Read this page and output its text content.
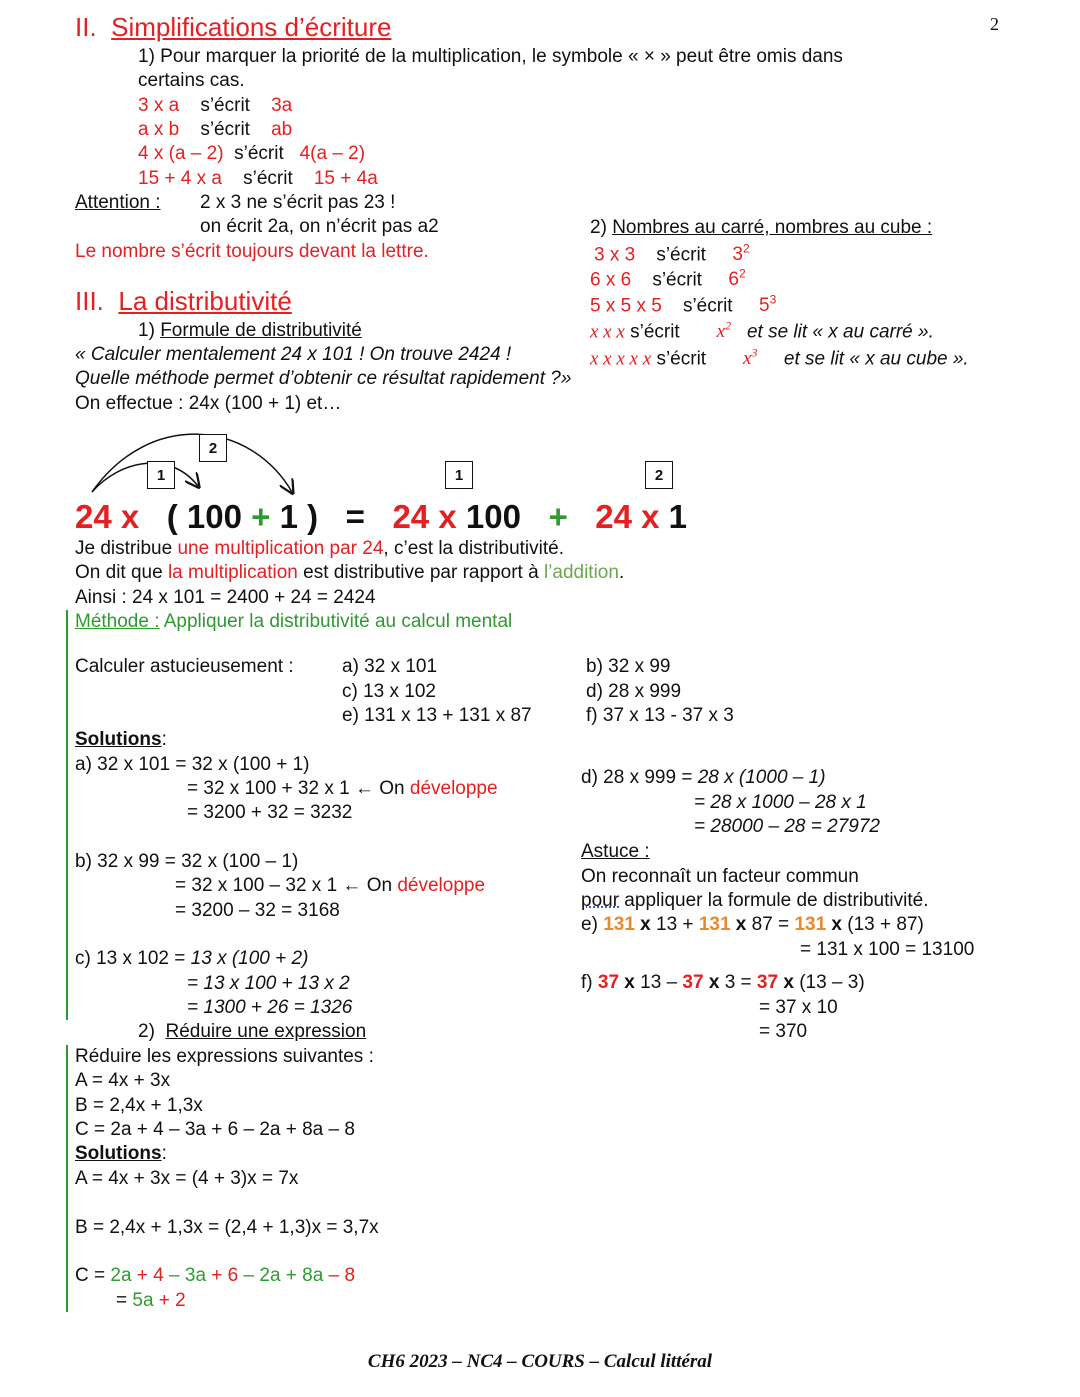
2
II. Simplifications d’écriture
1) Pour marquer la priorité de la multiplication, le symbole « × » peut être omis dans
certains cas.
3 x a s’écrit 3a
a x b s’écrit ab
4 x (a – 2) s’écrit 4(a – 2)
15 + 4 x a s’écrit 15 + 4a
Attention : 2 x 3 ne s’écrit pas 23 !
on écrit 2a, on n’écrit pas a2
Le nombre s’écrit toujours devant la lettre.
2) Nombres au carré, nombres au cube :
3 x 3 s’écrit $3^2$
6 x 6 s’écrit $6^2$
5 x 5 x 5 s’écrit $5^3$
x x x s’écrit $x^2$ et se lit « x au carré ».
x x x x x s’écrit $x^3$ et se lit « x au cube ».
III. La distributivité
1) Formule de distributivité
« Calculer mentalement 24 x 101 ! On trouve 2424 !
Quelle méthode permet d’obtenir ce résultat rapidement ?»
On effectue : 24x (100 + 1) et…
1
2
1	2
24 x ( 100 + 1 ) = 24 x 100 + 24 x 1
Je distribue une multiplication par 24, c’est la distributivité.
On dit que la multiplication est distributive par rapport à l’addition.
Ainsi : 24 x 101 = 2400 + 24 = 2424
Méthode : Appliquer la distributivité au calcul mental
Calculer astucieusement :	a) 32 x 101	b) 32 x 99
c) 13 x 102	d) 28 x 999
e) 131 x 13 + 131 x 87	f) 37 x 13 - 37 x 3
Solutions:
a) 32 x 101 = 32 x (100 + 1)
= 32 x 100 + 32 x 1 ← On développe
= 3200 + 32 = 3232
b) 32 x 99 = 32 x (100 – 1)
= 32 x 100 – 32 x 1 ← On développe
= 3200 – 32 = 3168
c) 13 x 102 = 13 x (100 + 2)
= 13 x 100 + 13 x 2
= 1300 + 26 = 1326
d) 28 x 999 = 28 x (1000 – 1)
= 28 x 1000 – 28 x 1
= 28000 – 28 = 27972
Astuce :
On reconnaît un facteur commun
pour appliquer la formule de distributivité.
e) 131 x 13 + 131 x 87 = 131 x (13 + 87)
= 131 x 100 = 13100
f) 37 x 13 – 37 x 3 = 37 x (13 – 3)
= 37 x 10
= 370
2) Réduire une expression
Réduire les expressions suivantes :
A = 4x + 3x
B = 2,4x + 1,3x
C = 2a + 4 – 3a + 6 – 2a + 8a – 8
Solutions:
A = 4x + 3x = (4 + 3)x = 7x
B = 2,4x + 1,3x = (2,4 + 1,3)x = 3,7x
C = 2a + 4 – 3a + 6 – 2a + 8a – 8
= 5a + 2
CH6 2023 – NC4 – COURS – Calcul littéral
